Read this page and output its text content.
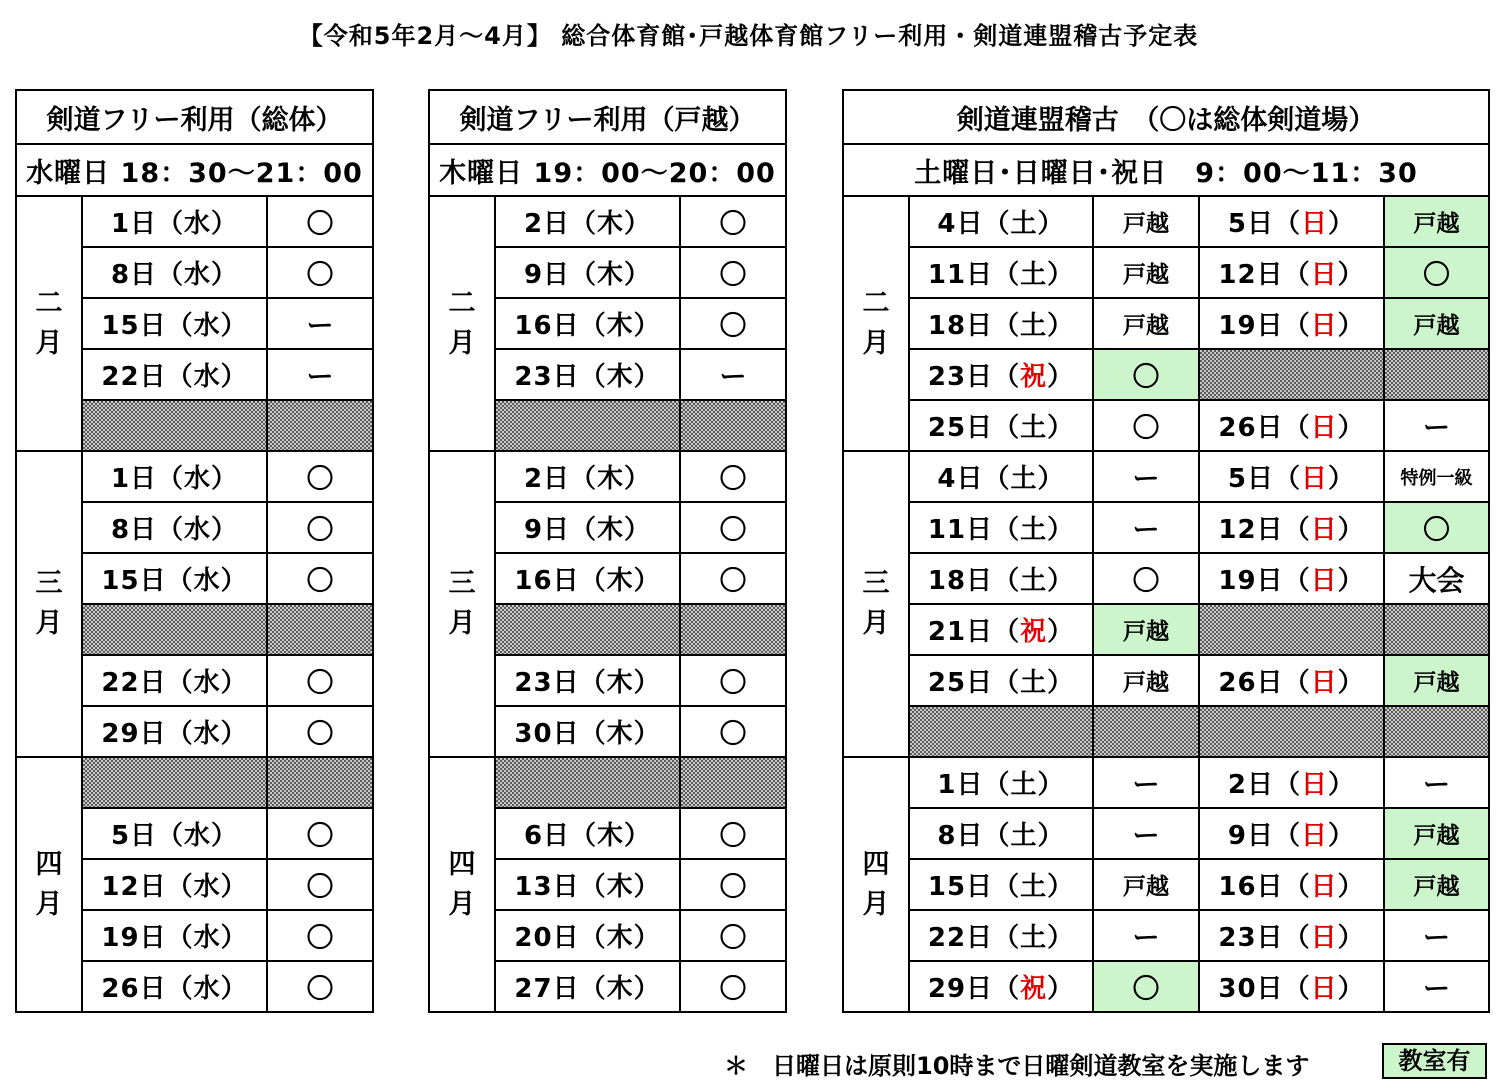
【令和5年2月～4月】 総合体育館･戸越体育館フリー利用・剣道連盟稽古予定表
剣道フリー利用（総体）		
水曜日 18：30～21：00		
二
月	1日（水）	〇
	8日（水）	〇
	15日（水）	ー
	22日（水）	ー

三
月	1日（水）	〇
	8日（水）	〇
	15日（水）	〇

	22日（水）	〇
	29日（水）	〇
四
月		
	5日（水）	〇
	12日（水）	〇
	19日（水）	〇
	26日（水）	〇
剣道フリー利用（戸越）		
木曜日 19：00～20：00		
二
月	2日（木）	〇
	9日（木）	〇
	16日（木）	〇
	23日（木）	ー

三
月	2日（木）	〇
	9日（木）	〇
	16日（木）	〇

	23日（木）	〇
	30日（木）	〇
四
月		
	6日（木）	〇
	13日（木）	〇
	20日（木）	〇
	27日（木）	〇
剣道連盟稽古　（〇は総体剣道場）				
土曜日･日曜日･祝日　9：00～11：30				
二
月	4日（土）	戸越	5日（日）	戸越
	11日（土）	戸越	12日（日）	〇
	18日（土）	戸越	19日（日）	戸越
	23日（祝）	〇		
	25日（土）	〇	26日（日）	ー
三
月	4日（土）	ー	5日（日）	特例一級
	11日（土）	ー	12日（日）	〇
	18日（土）	〇	19日（日）	大会
	21日（祝）	戸越		
	25日（土）	戸越	26日（日）	戸越

四
月	1日（土）	ー	2日（日）	ー
	8日（土）	ー	9日（日）	戸越
	15日（土）	戸越	16日（日）	戸越
	22日（土）	ー	23日（日）	ー
	29日（祝）	〇	30日（日）	ー
＊　日曜日は原則10時まで日曜剣道教室を実施します	教室有
